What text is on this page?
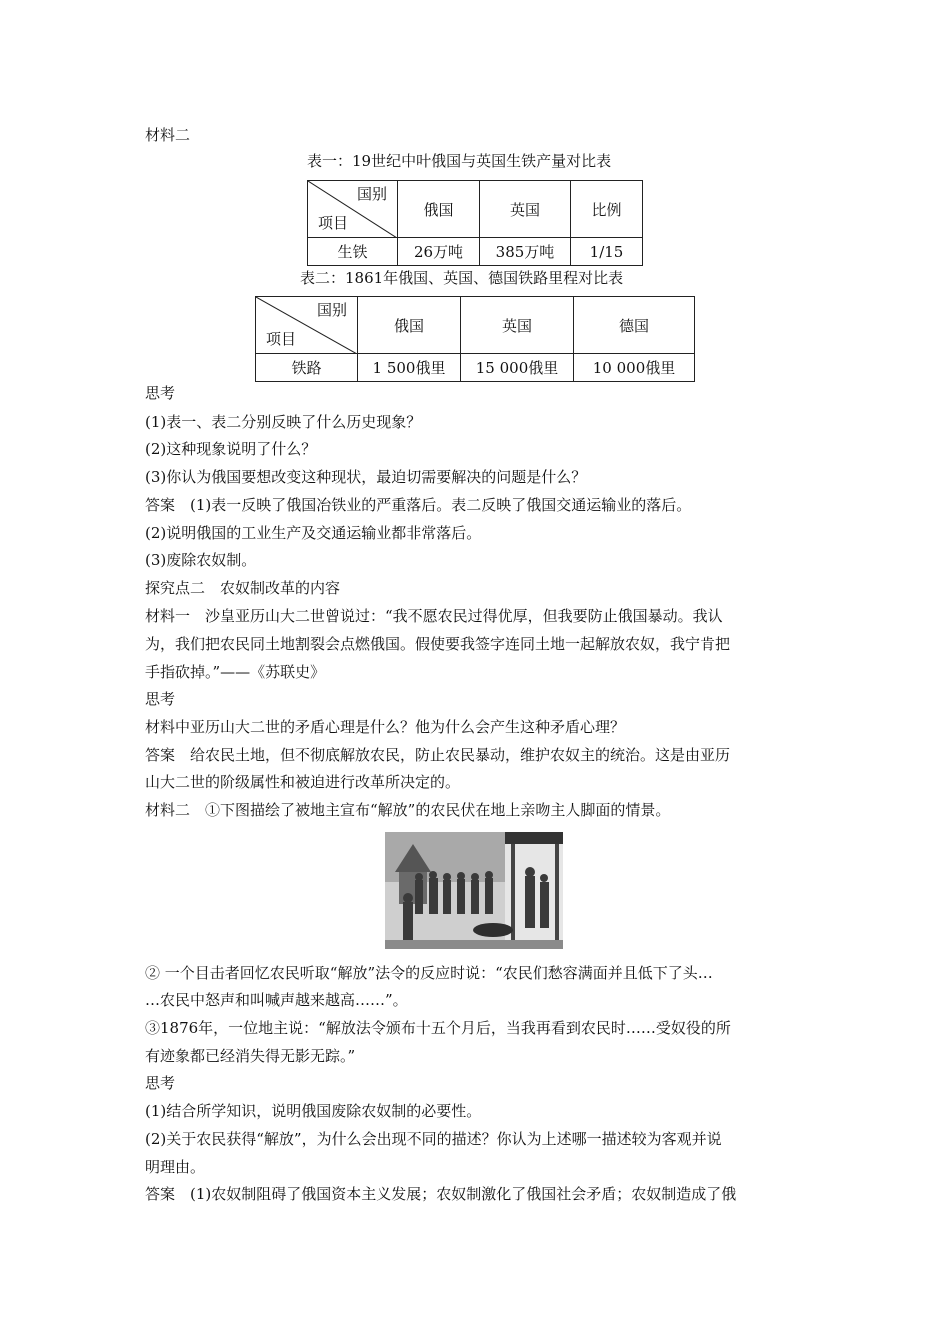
材料二
表一：19世纪中叶俄国与英国生铁产量对比表
国别
项目	俄国	英国	比例
生铁	26万吨	385万吨	1/15
表二：1861年俄国、英国、德国铁路里程对比表
国别
项目	俄国	英国	德国
铁路	1 500俄里	15 000俄里	10 000俄里
思考
(1)表一、表二分别反映了什么历史现象？
(2)这种现象说明了什么？
(3)你认为俄国要想改变这种现状，最迫切需要解决的问题是什么？
答案　(1)表一反映了俄国冶铁业的严重落后。表二反映了俄国交通运输业的落后。
(2)说明俄国的工业生产及交通运输业都非常落后。
(3)废除农奴制。
探究点二　农奴制改革的内容
材料一　沙皇亚历山大二世曾说过：“我不愿农民过得优厚，但我要防止俄国暴动。我认
为，我们把农民同土地割裂会点燃俄国。假使要我签字连同土地一起解放农奴，我宁肯把
手指砍掉。”——《苏联史》
思考
材料中亚历山大二世的矛盾心理是什么？他为什么会产生这种矛盾心理？
答案　给农民土地，但不彻底解放农民，防止农民暴动，维护农奴主的统治。这是由亚历
山大二世的阶级属性和被迫进行改革所决定的。
材料二　①下图描绘了被地主宣布“解放”的农民伏在地上亲吻主人脚面的情景。
② 一个目击者回忆农民听取“解放”法令的反应时说：“农民们愁容满面并且低下了头…
…农民中怒声和叫喊声越来越高……”。
③1876年，一位地主说：“解放法令颁布十五个月后，当我再看到农民时……受奴役的所
有迹象都已经消失得无影无踪。”
思考
(1)结合所学知识，说明俄国废除农奴制的必要性。
(2)关于农民获得“解放”，为什么会出现不同的描述？你认为上述哪一描述较为客观并说
明理由。
答案　(1)农奴制阻碍了俄国资本主义发展；农奴制激化了俄国社会矛盾；农奴制造成了俄
